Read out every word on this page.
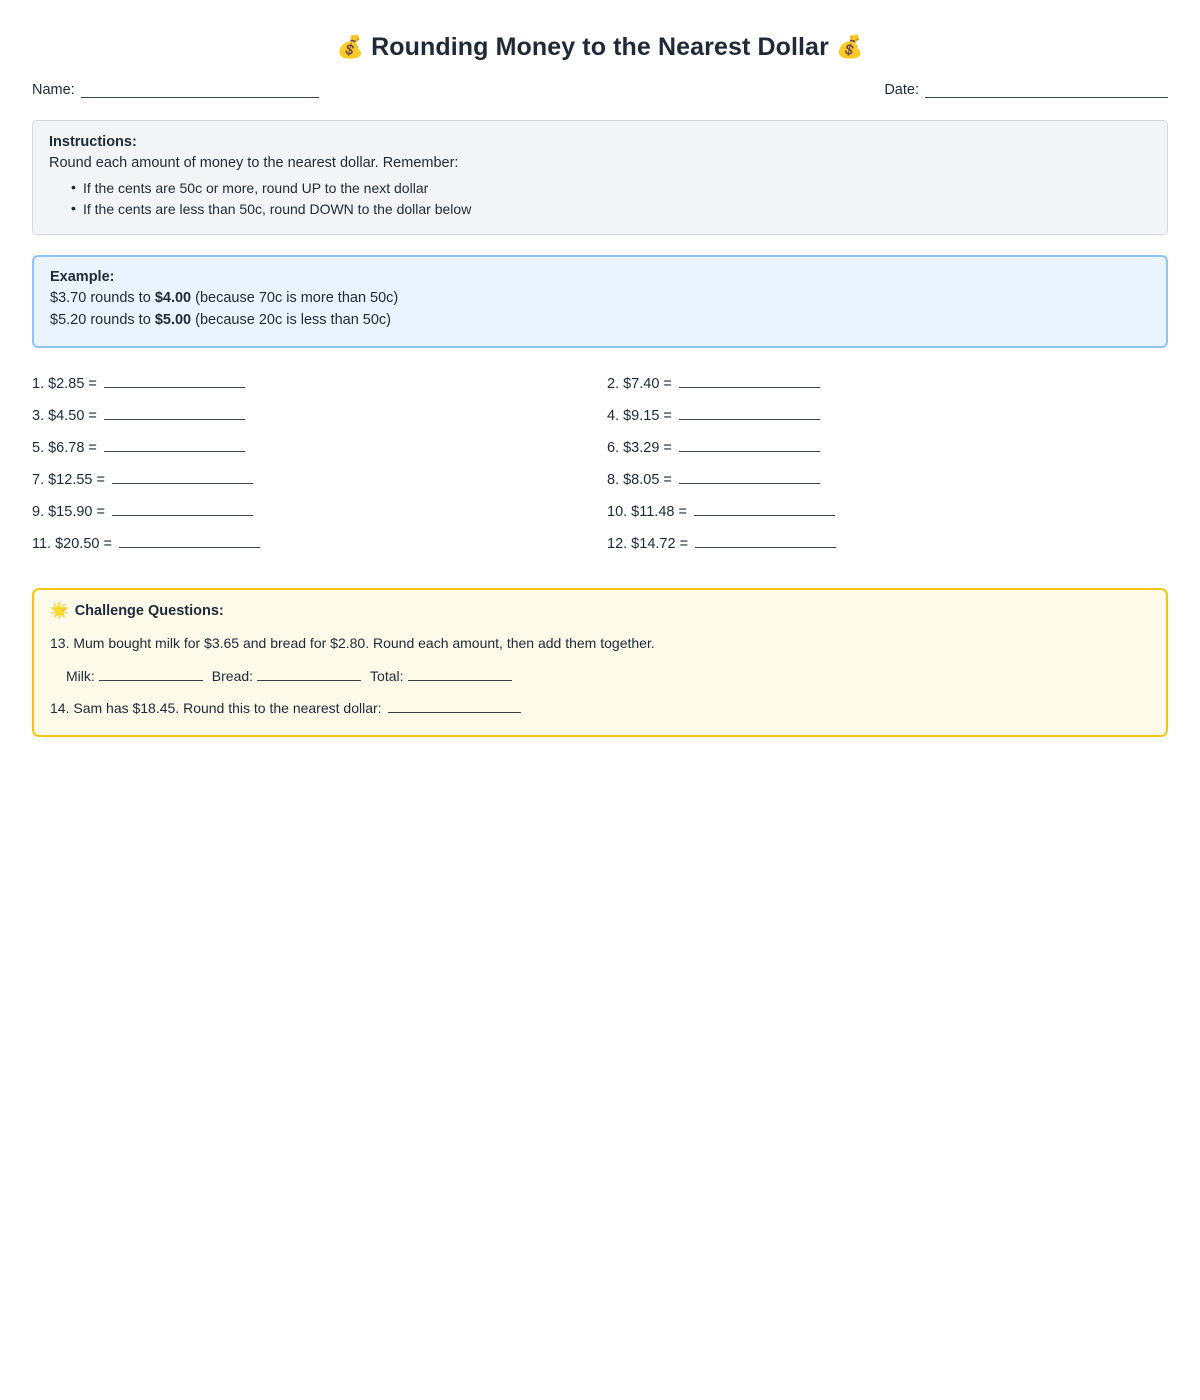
💰 Rounding Money to the Nearest Dollar 💰
Name:	Date:
Instructions:
Round each amount of money to the nearest dollar. Remember:
• If the cents are 50c or more, round UP to the next dollar
• If the cents are less than 50c, round DOWN to the dollar below
Example:
$3.70 rounds to $4.00 (because 70c is more than 50c)
$5.20 rounds to $5.00 (because 20c is less than 50c)
1. $2.85 =	2. $7.40 =
3. $4.50 =	4. $9.15 =
5. $6.78 =	6. $3.29 =
7. $12.55 =	8. $8.05 =
9. $15.90 =	10. $11.48 =
11. $20.50 =	12. $14.72 =
🌟 Challenge Questions:
13. Mum bought milk for $3.65 and bread for $2.80. Round each amount, then add them together.
Milk:	Bread:	Total:
14. Sam has $18.45. Round this to the nearest dollar:
